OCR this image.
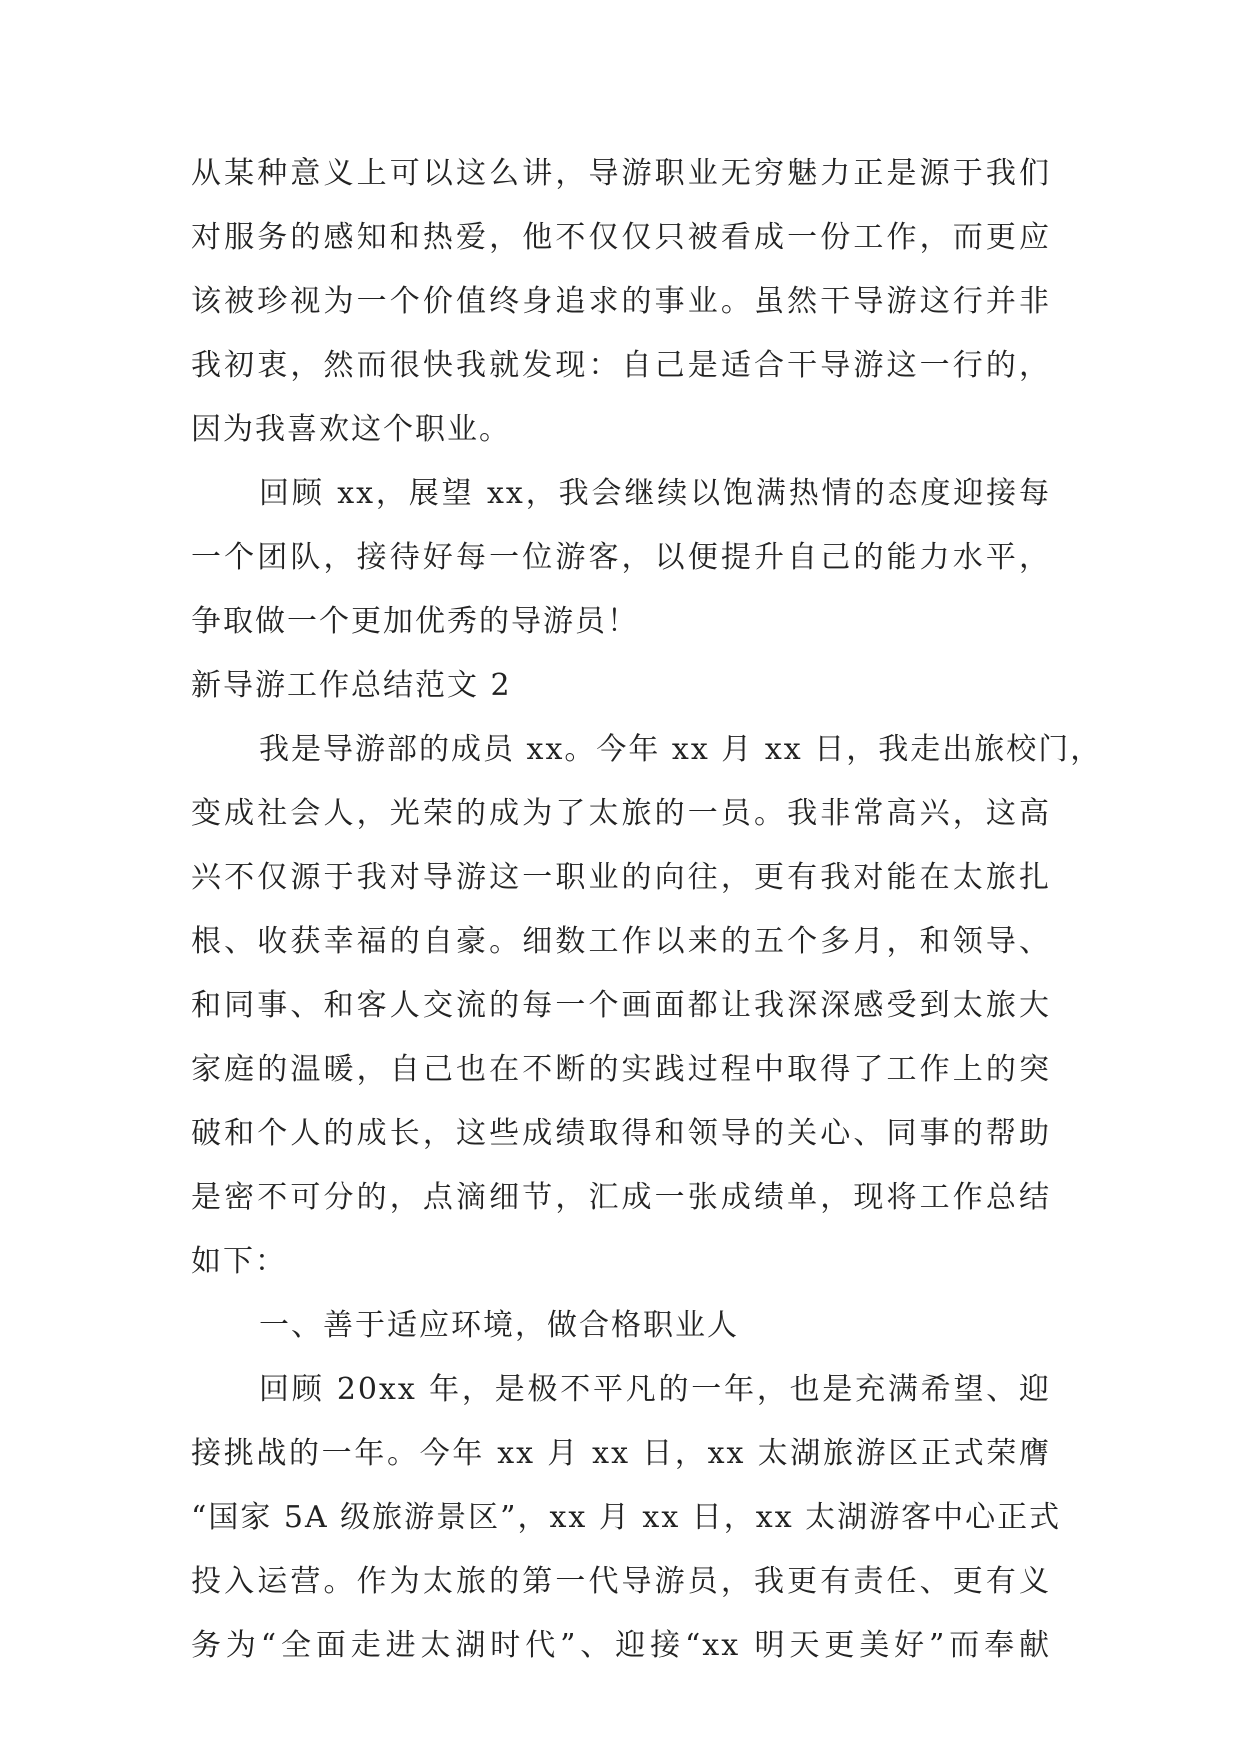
从某种意义上可以这么讲，导游职业无穷魅力正是源于我们
对服务的感知和热爱，他不仅仅只被看成一份工作，而更应
该被珍视为一个价值终身追求的事业。虽然干导游这行并非
我初衷，然而很快我就发现：自己是适合干导游这一行的，
因为我喜欢这个职业。
回顾 xx，展望 xx，我会继续以饱满热情的态度迎接每
一个团队，接待好每一位游客，以便提升自己的能力水平，
争取做一个更加优秀的导游员！
新导游工作总结范文 2
我是导游部的成员 xx。今年 xx 月 xx 日，我走出旅校门，
变成社会人，光荣的成为了太旅的一员。我非常高兴，这高
兴不仅源于我对导游这一职业的向往，更有我对能在太旅扎
根、收获幸福的自豪。细数工作以来的五个多月，和领导、
和同事、和客人交流的每一个画面都让我深深感受到太旅大
家庭的温暖，自己也在不断的实践过程中取得了工作上的突
破和个人的成长，这些成绩取得和领导的关心、同事的帮助
是密不可分的，点滴细节，汇成一张成绩单，现将工作总结
如下：
一、善于适应环境，做合格职业人
回顾 20xx 年，是极不平凡的一年，也是充满希望、迎
接挑战的一年。今年 xx 月 xx 日，xx 太湖旅游区正式荣膺
“国家 5A 级旅游景区”，xx 月 xx 日，xx 太湖游客中心正式
投入运营。作为太旅的第一代导游员，我更有责任、更有义
务为“全面走进太湖时代”、迎接“xx 明天更美好”而奉献
